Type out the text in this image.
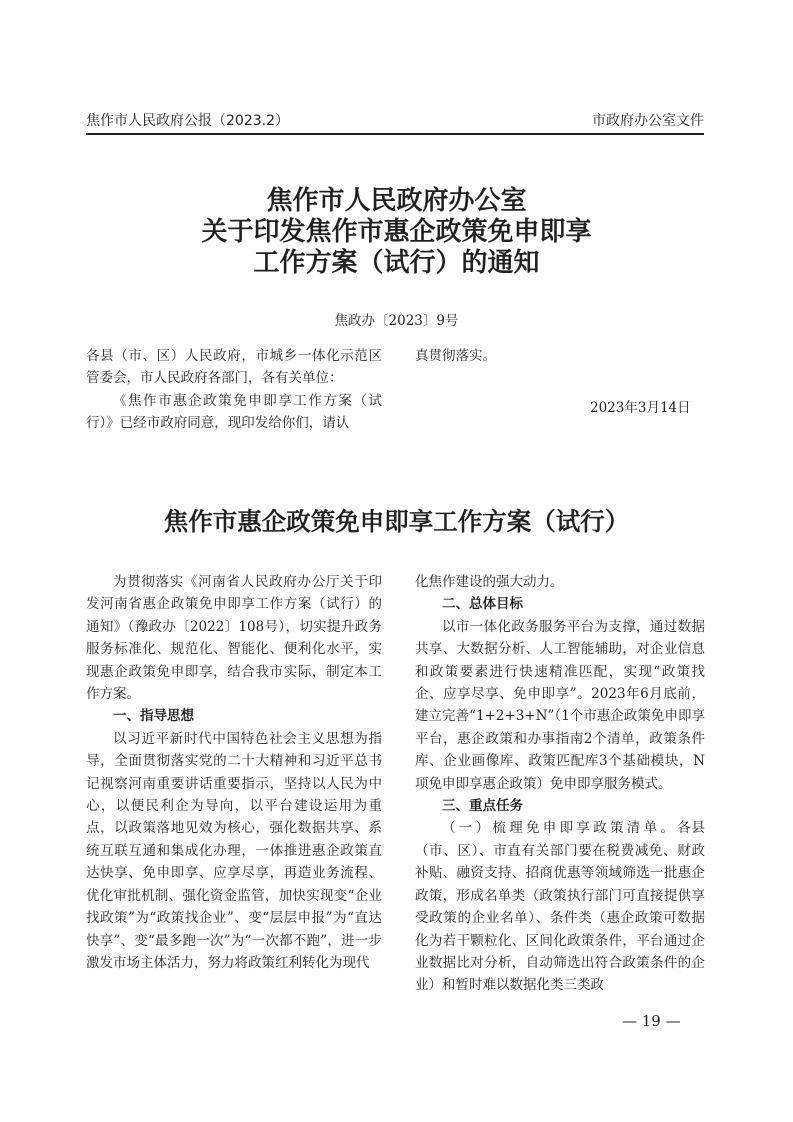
焦作市人民政府公报（2023.2）	市政府办公室文件
焦作市人民政府办公室
关于印发焦作市惠企政策免申即享
工作方案（试行）的通知
焦政办〔2023〕9号

各县（市、区）人民政府，市城乡一体化示范区管委会，市人民政府各部门，各有关单位：

《焦作市惠企政策免申即享工作方案（试行）》已经市政府同意，现印发给你们，请认

真贯彻落实。

2023年3月14日
焦作市惠企政策免申即享工作方案（试行）

为贯彻落实《河南省人民政府办公厅关于印发河南省惠企政策免申即享工作方案（试行）的通知》（豫政办〔2022〕108号），切实提升政务服务标准化、规范化、智能化、便利化水平，实现惠企政策免申即享，结合我市实际，制定本工作方案。

一、指导思想

以习近平新时代中国特色社会主义思想为指导，全面贯彻落实党的二十大精神和习近平总书记视察河南重要讲话重要指示，坚持以人民为中心，以便民利企为导向，以平台建设运用为重点，以政策落地见效为核心，强化数据共享、系统互联互通和集成化办理，一体推进惠企政策直达快享、免申即享、应享尽享，再造业务流程、优化审批机制、强化资金监管，加快实现变“企业找政策”为“政策找企业”、变“层层申报”为“直达快享”、变“最多跑一次”为“一次都不跑”，进一步激发市场主体活力，努力将政策红利转化为现代

化焦作建设的强大动力。

二、总体目标

以市一体化政务服务平台为支撑，通过数据共享、大数据分析、人工智能辅助，对企业信息和政策要素进行快速精准匹配，实现“政策找企、应享尽享、免申即享”。2023年6月底前，建立完善“1+2+3+N”（1个市惠企政策免申即享平台，惠企政策和办事指南2个清单，政策条件库、企业画像库、政策匹配库3个基础模块，N项免申即享惠企政策）免申即享服务模式。

三、重点任务

（一）梳理免申即享政策清单。各县（市、区）、市直有关部门要在税费减免、财政补贴、融资支持、招商优惠等领域筛选一批惠企政策，形成名单类（政策执行部门可直接提供享受政策的企业名单）、条件类（惠企政策可数据化为若干颗粒化、区间化政策条件，平台通过企业数据比对分析，自动筛选出符合政策条件的企业）和暂时难以数据化类三类政

— 19 —
